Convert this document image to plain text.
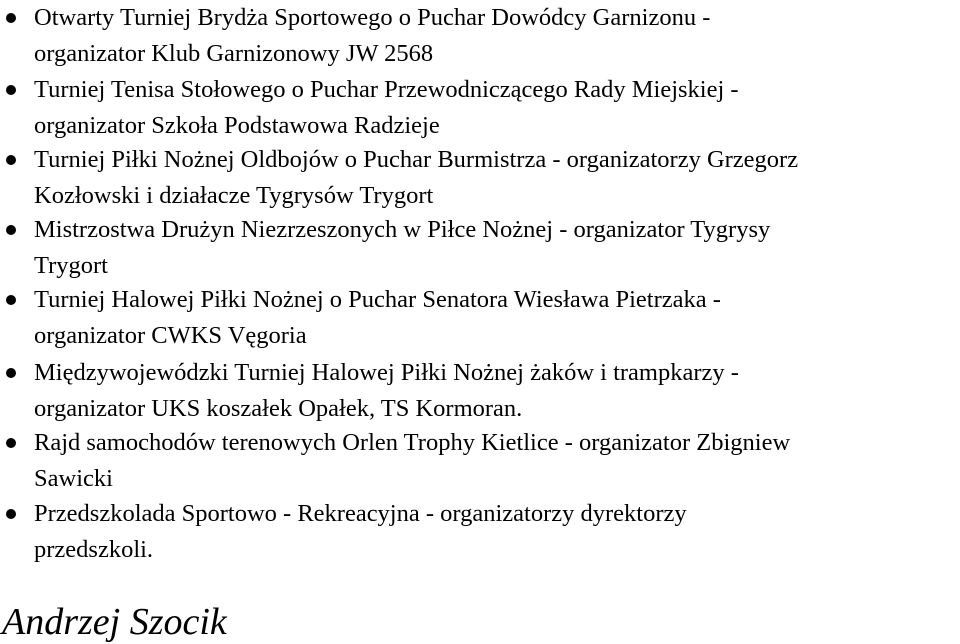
Otwarty Turniej Brydża Sportowego o Puchar Dowódcy Garnizonu -
organizator Klub Garnizonowy JW 2568
Turniej Tenisa Stołowego o Puchar Przewodniczącego Rady Miejskiej -
organizator Szkoła Podstawowa Radzieje
Turniej Piłki Nożnej Oldbojów o Puchar Burmistrza - organizatorzy Grzegorz
Kozłowski i działacze Tygrysów Trygort
Mistrzostwa Drużyn Niezrzeszonych w Piłce Nożnej - organizator Tygrysy
Trygort
Turniej Halowej Piłki Nożnej o Puchar Senatora Wiesława Pietrzaka -
organizator CWKS Vęgoria
Międzywojewódzki Turniej Halowej Piłki Nożnej żaków i trampkarzy -
organizator UKS koszałek Opałek, TS Kormoran.
Rajd samochodów terenowych Orlen Trophy Kietlice - organizator Zbigniew
Sawicki
Przedszkolada Sportowo - Rekreacyjna - organizatorzy dyrektorzy
przedszkoli.

Andrzej Szocik
